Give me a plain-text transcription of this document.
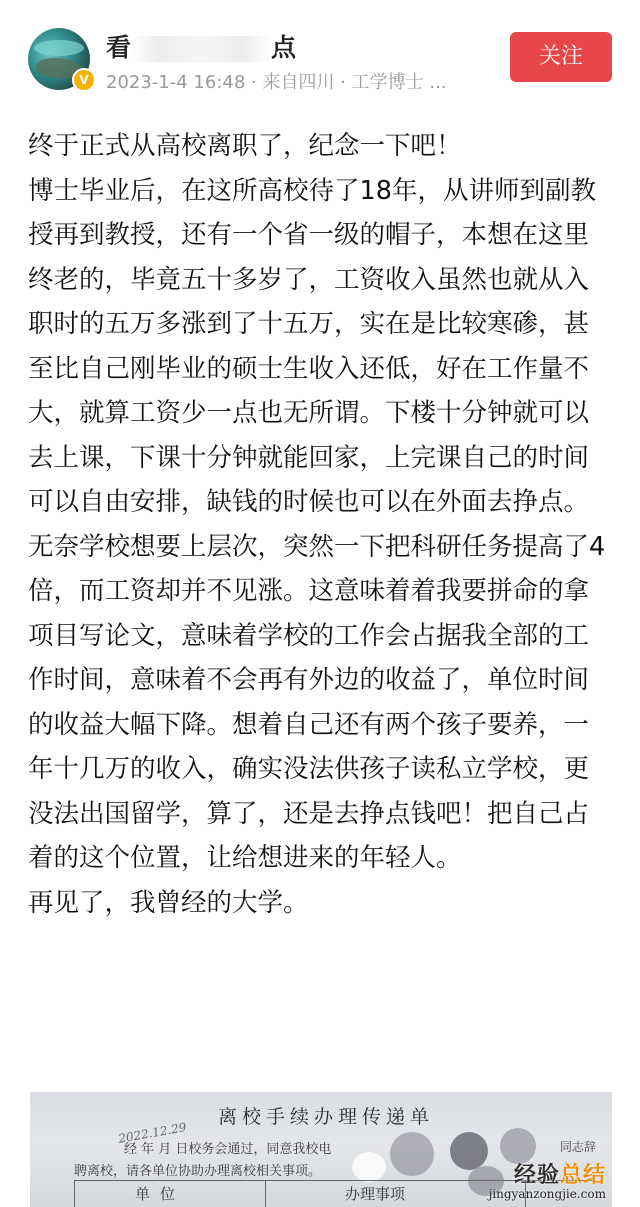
V
看	点
2023-1-4 16:48 · 来自四川 · 工学博士 ...
关注

终于正式从高校离职了，纪念一下吧！

博士毕业后，在这所高校待了18年，从讲师到副教授再到教授，还有一个省一级的帽子，本想在这里终老的，毕竟五十多岁了，工资收入虽然也就从入职时的五万多涨到了十五万，实在是比较寒碜，甚至比自己刚毕业的硕士生收入还低，好在工作量不大，就算工资少一点也无所谓。下楼十分钟就可以去上课，下课十分钟就能回家，上完课自己的时间可以自由安排，缺钱的时候也可以在外面去挣点。无奈学校想要上层次，突然一下把科研任务提高了4倍，而工资却并不见涨。这意味着着我要拼命的拿项目写论文，意味着学校的工作会占据我全部的工作时间，意味着不会再有外边的收益了，单位时间的收益大幅下降。想着自己还有两个孩子要养，一年十几万的收入，确实没法供孩子读私立学校，更没法出国留学，算了，还是去挣点钱吧！把自己占着的这个位置，让给想进来的年轻人。

再见了，我曾经的大学。

离校手续办理传递单
2022.12.29
经 年 月 日校务会通过，同意我校电	同志辞
聘离校，请各单位协助办理离校相关事项。
单位	办理事项
经验总结
jingyanzongjie.com
